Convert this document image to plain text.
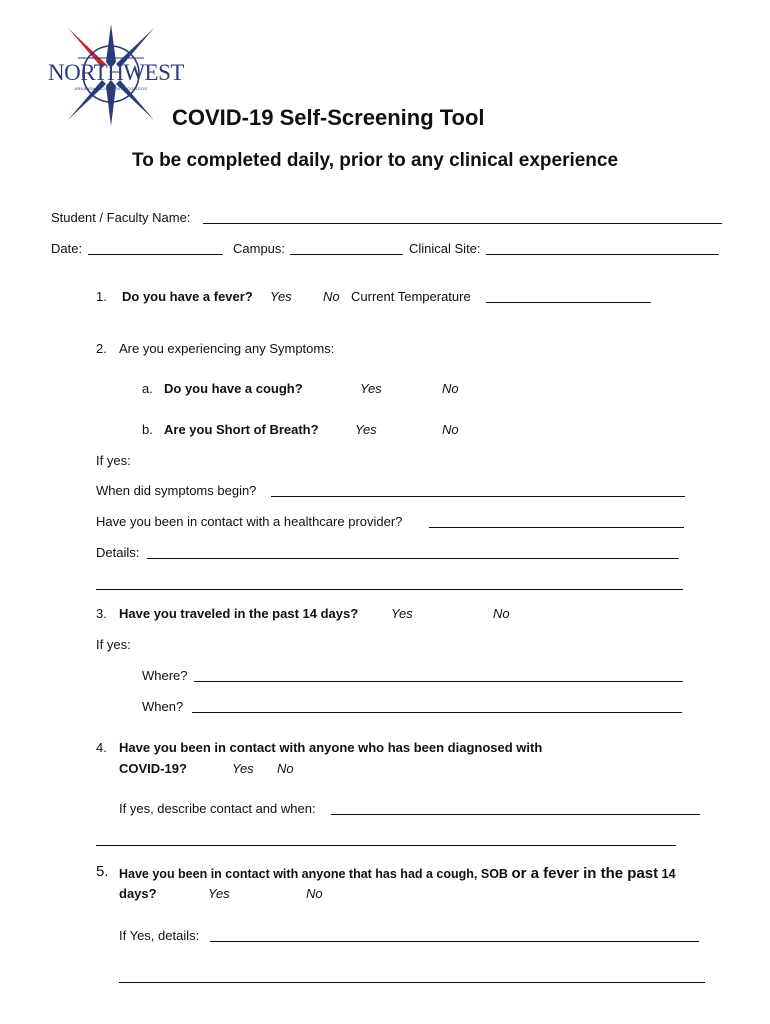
NORTHWEST
ARKANSAS COMMUNITY COLLEGE
COVID-19 Self-Screening Tool
To be completed daily, prior to any clinical experience
Student / Faculty Name:
Date:	Campus:	Clinical Site:
1. Do you have a fever? Yes No Current Temperature
2. Are you experiencing any Symptoms:
a. Do you have a cough?	Yes	No
b. Are you Short of Breath?	Yes	No
If yes:
When did symptoms begin?
Have you been in contact with a healthcare provider?
Details:
3. Have you traveled in the past 14 days?	Yes	No
If yes:
Where?
When?
4. Have you been in contact with anyone who has been diagnosed with
COVID-19?	Yes No
If yes, describe contact and when:
5. Have you been in contact with anyone that has had a cough, SOB or a fever in the past 14
days?	Yes	No
If Yes, details:
